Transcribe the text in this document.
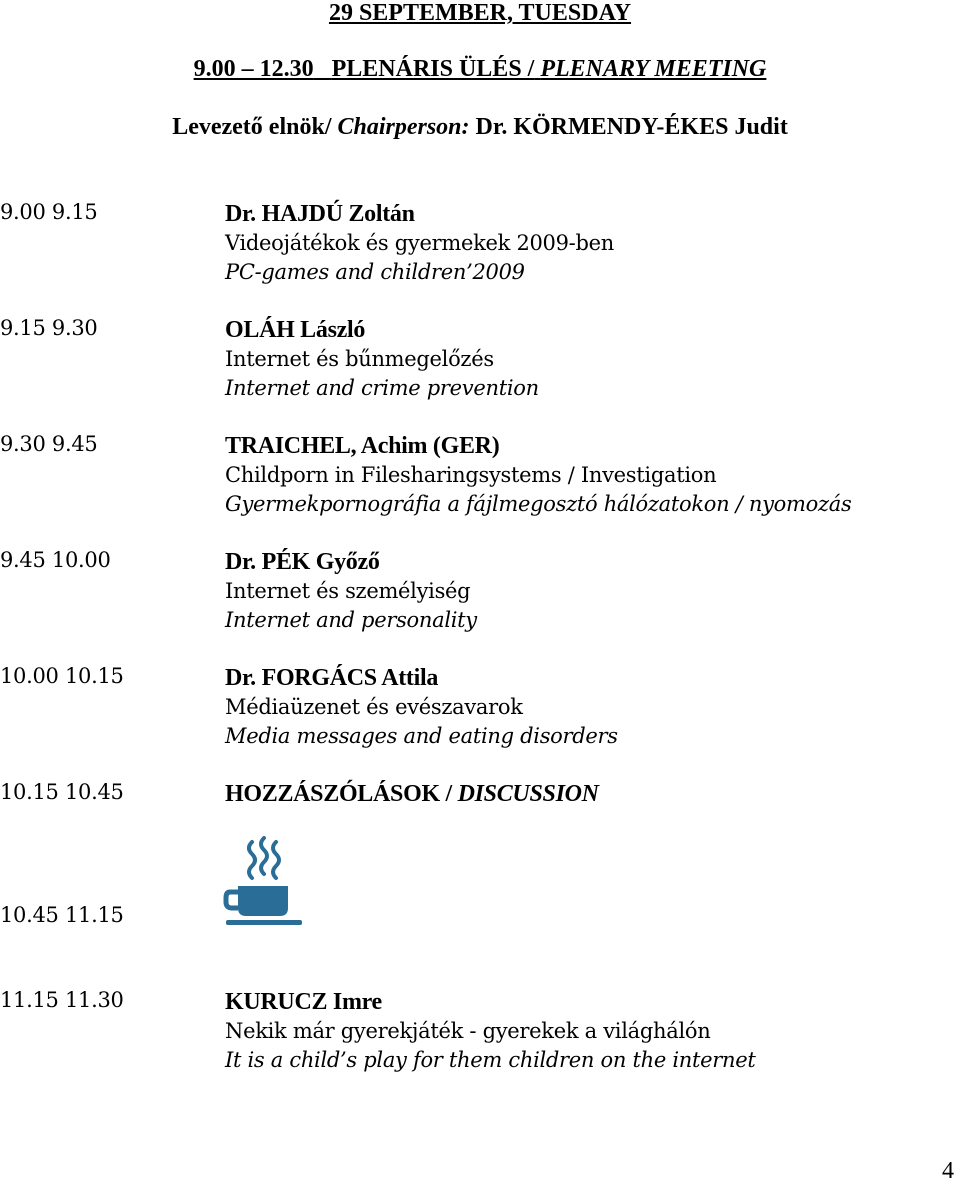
29 SEPTEMBER, TUESDAY
9.00 – 12.30 PLENÁRIS ÜLÉS / PLENARY MEETING
Levezető elnök/ Chairperson: Dr. KÖRMENDY-ÉKES Judit
9.00 9.15	Dr. HAJDÚ Zoltán
Videojátékok és gyermekek 2009-ben
PC-games and children’2009
9.15 9.30	OLÁH László
Internet és bűnmegelőzés
Internet and crime prevention
9.30 9.45	TRAICHEL, Achim (GER)
Childporn in Filesharingsystems / Investigation
Gyermekpornográfia a fájlmegosztó hálózatokon / nyomozás
9.45 10.00	Dr. PÉK Győző
Internet és személyiség
Internet and personality
10.00 10.15	Dr. FORGÁCS Attila
Médiaüzenet és evészavarok
Media messages and eating disorders
10.15 10.45	HOZZÁSZÓLÁSOK / DISCUSSION
10.45 11.15
11.15 11.30	KURUCZ Imre
Nekik már gyerekjáték - gyerekek a világhálón
It is a child’s play for them children on the internet
4
